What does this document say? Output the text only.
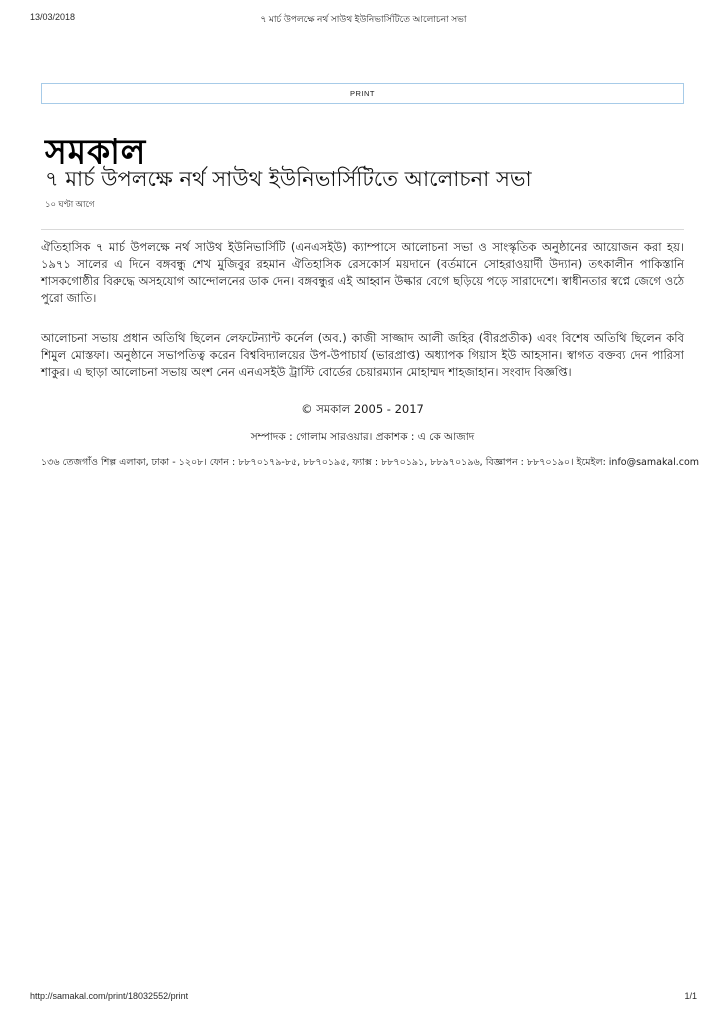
৭ মার্চ উপলক্ষে নর্থ সাউথ ইউনিভার্সিটিতে আলোচনা সভা
13/03/2018
PRINT
সমকাল
৭ মার্চ উপলক্ষে নর্থ সাউথ ইউনিভার্সিটিতে আলোচনা সভা
১০ ঘণ্টা আগে

ঐতিহাসিক ৭ মার্চ উপলক্ষে নর্থ সাউথ ইউনিভার্সিটি (এনএসইউ) ক্যাম্পাসে আলোচনা সভা ও সাংস্কৃতিক অনুষ্ঠানের আয়োজন করা হয়। ১৯৭১ সালের এ দিনে বঙ্গবন্ধু শেখ মুজিবুর রহমান ঐতিহাসিক রেসকোর্স ময়দানে (বর্তমানে সোহরাওয়ার্দী উদ্যান) তৎকালীন পাকিস্তানি শাসকগোষ্ঠীর বিরুদ্ধে অসহযোগ আন্দোলনের ডাক দেন। বঙ্গবন্ধুর এই আহ্বান উল্কার বেগে ছড়িয়ে পড়ে সারাদেশে। স্বাধীনতার স্বপ্নে জেগে ওঠে পুরো জাতি।

আলোচনা সভায় প্রধান অতিথি ছিলেন লেফটেন্যান্ট কর্নেল (অব.) কাজী সাজ্জাদ আলী জহির (বীরপ্রতীক) এবং বিশেষ অতিথি ছিলেন কবি শিমুল মোস্তফা। অনুষ্ঠানে সভাপতিত্ব করেন বিশ্ববিদ্যালয়ের উপ-উপাচার্য (ভারপ্রাপ্ত) অধ্যাপক গিয়াস ইউ আহসান। স্বাগত বক্তব্য দেন পারিসা শাকুর। এ ছাড়া আলোচনা সভায় অংশ নেন এনএসইউ ট্রাস্টি বোর্ডের চেয়ারম্যান মোহাম্মদ শাহজাহান। সংবাদ বিজ্ঞপ্তি।

© সমকাল 2005 - 2017
সম্পাদক : গোলাম সারওয়ার। প্রকাশক : এ কে আজাদ
১৩৬ তেজগাঁও শিল্প এলাকা, ঢাকা - ১২০৮। ফোন : ৮৮৭০১৭৯-৮৫, ৮৮৭০১৯৫, ফ্যাক্স : ৮৮৭০১৯১, ৮৮৯৭০১৯৬, বিজ্ঞাপন : ৮৮৭০১৯০। ইমেইল: info@samakal.com
http://samakal.com/print/18032552/print	1/1
